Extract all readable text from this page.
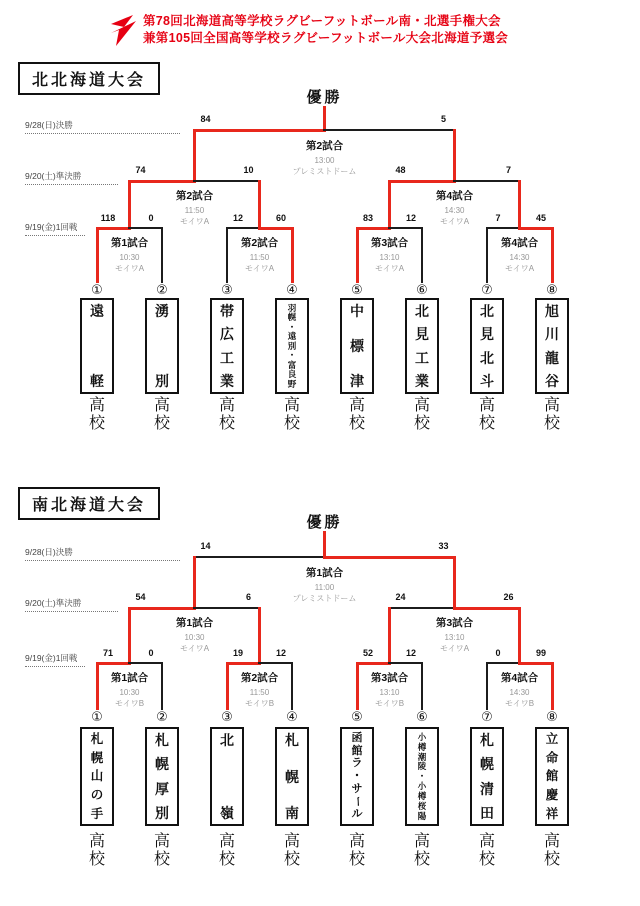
第78回北海道高等学校ラグビーフットボール南・北選手権大会
兼第105回全国高等学校ラグビーフットボール大会北海道予選会
北北海道大会
9/28(日)決勝
9/20(土)準決勝
9/19(金)1回戦
優勝
84	5
第2試合
13:00
プレミストドーム
74	10
第2試合
11:50
モイワA
48	7
第4試合
14:30
モイワA
118	0
第1試合
10:30
モイワA
12	60
第2試合
11:50
モイワA
83	12
第3試合
13:10
モイワA
7	45
第4試合
14:30
モイワA
①
遠
軽
高
校
②
湧
別
高
校
③
帯
広
工
業
高
校
④
羽
幌
・
遠
別
・
富
良
野
高
校
⑤
中
標
津
高
校
⑥
北
見
工
業
高
校
⑦
北
見
北
斗
高
校
⑧
旭
川
龍
谷
高
校
南北海道大会
9/28(日)決勝
9/20(土)準決勝
9/19(金)1回戦
優勝
14	33
第1試合
11:00
プレミストドーム
54	6
第1試合
10:30
モイワA
24	26
第3試合
13:10
モイワA
71	0
第1試合
10:30
モイワB
19	12
第2試合
11:50
モイワB
52	12
第3試合
13:10
モイワB
0	99
第4試合
14:30
モイワB
①
札
幌
山
の
手
高
校
②
札
幌
厚
別
高
校
③
北
嶺
高
校
④
札
幌
南
高
校
⑤
函
館
ラ
・
サ
ー
ル
高
校
⑥
小
樽
潮
陵
・
小
樽
桜
陽
高
校
⑦
札
幌
清
田
高
校
⑧
立
命
館
慶
祥
高
校
